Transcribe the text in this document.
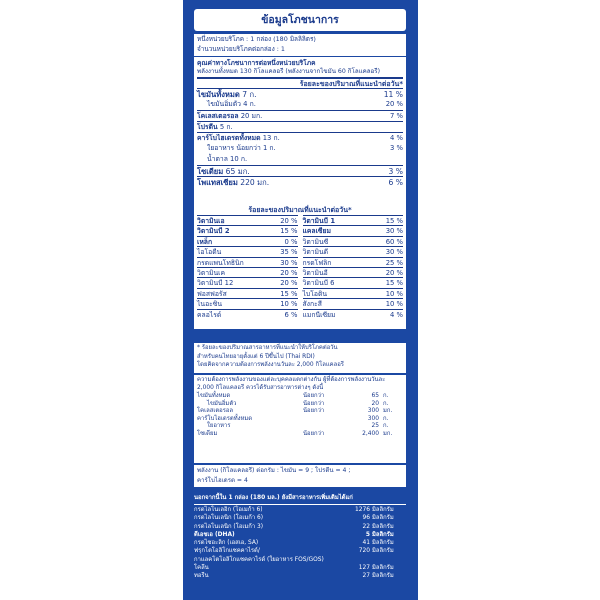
ข้อมูลโภชนาการ
หนึ่งหน่วยบริโภค : 1 กล่อง (180 มิลลิลิตร)
จำนวนหน่วยบริโภคต่อกล่อง : 1
คุณค่าทางโภชนาการต่อหนึ่งหน่วยบริโภค
พลังงานทั้งหมด 130 กิโลแคลอรี (พลังงานจากไขมัน 60 กิโลแคลอรี)
ร้อยละของปริมาณที่แนะนำต่อวัน*
ไขมันทั้งหมด 7 ก.	11 %
ไขมันอิ่มตัว 4 ก.	20 %
โคเลสเตอรอล 20 มก.	7 %
โปรตีน 5 ก.
คาร์โบไฮเดรตทั้งหมด 13 ก.	4 %
ใยอาหาร น้อยกว่า 1 ก.	3 %
น้ำตาล 10 ก.
โซเดียม 65 มก.	3 %
โพแทสเซียม 220 มก.	6 %
ร้อยละของปริมาณที่แนะนำต่อวัน*
วิตามินเอ	20 %
วิตามินบี 2	15 %
เหล็ก	0 %
ไอโอดีน	35 %
กรดแพนโทธินิก	30 %
วิตามินเค	20 %
วิตามินบี 12	20 %
ฟอสฟอรัส	15 %
ไนอะซิน	10 %
คลอไรด์	6 %
วิตามินบี 1	15 %
แคลเซียม	30 %
วิตามินซี	60 %
วิตามินดี	30 %
กรดโฟลิก	25 %
วิตามินอี	20 %
วิตามินบี 6	15 %
ไบโอติน	10 %
สังกะสี	10 %
แมกนีเซียม	4 %
* ร้อยละของปริมาณสารอาหารที่แนะนำให้บริโภคต่อวัน
สำหรับคนไทยอายุตั้งแต่ 6 ปีขึ้นไป (Thai RDI)
โดยคิดจากความต้องการพลังงานวันละ 2,000 กิโลแคลอรี
ความต้องการพลังงานของแต่ละบุคคลแตกต่างกัน ผู้ที่ต้องการพลังงานวันละ 2,000 กิโลแคลอรี ควรได้รับสารอาหารต่างๆ ดังนี้
ไขมันทั้งหมด	น้อยกว่า	65 ก.
ไขมันอิ่มตัว	น้อยกว่า	20 ก.
โคเลสเตอรอล	น้อยกว่า	300 มก.
คาร์โบไฮเดรตทั้งหมด	300 ก.
ใยอาหาร	25 ก.
โซเดียม	น้อยกว่า	2,400 มก.
พลังงาน (กิโลแคลอรี) ต่อกรัม : ไขมัน = 9 ; โปรตีน = 4 ;
คาร์โบไฮเดรต = 4
นอกจากนี้ใน 1 กล่อง (180 มล.) ยังมีสารอาหารเพิ่มเติมได้แก่
กรดไลโนเลอิก (โอเมก้า 6)	1276 มิลลิกรัม
กรดไลโนเลนิก (โอเมก้า 6)	96 มิลลิกรัม
กรดไลโนเลนิก (โอเมก้า 3)	22 มิลลิกรัม
ดีเอชเอ (DHA)	5 มิลลิกรัม
กรดไซอะลิก (เอสเอ, SA)	41 มิลลิกรัม
ฟรุกโตโอลิโกแซคคาไรด์/	720 มิลลิกรัม
กาแลคโตโอลิโกแซคคาไรด์ (ใยอาหาร FOS/GOS)
โคลีน	127 มิลลิกรัม
ทอรีน	27 มิลลิกรัม
